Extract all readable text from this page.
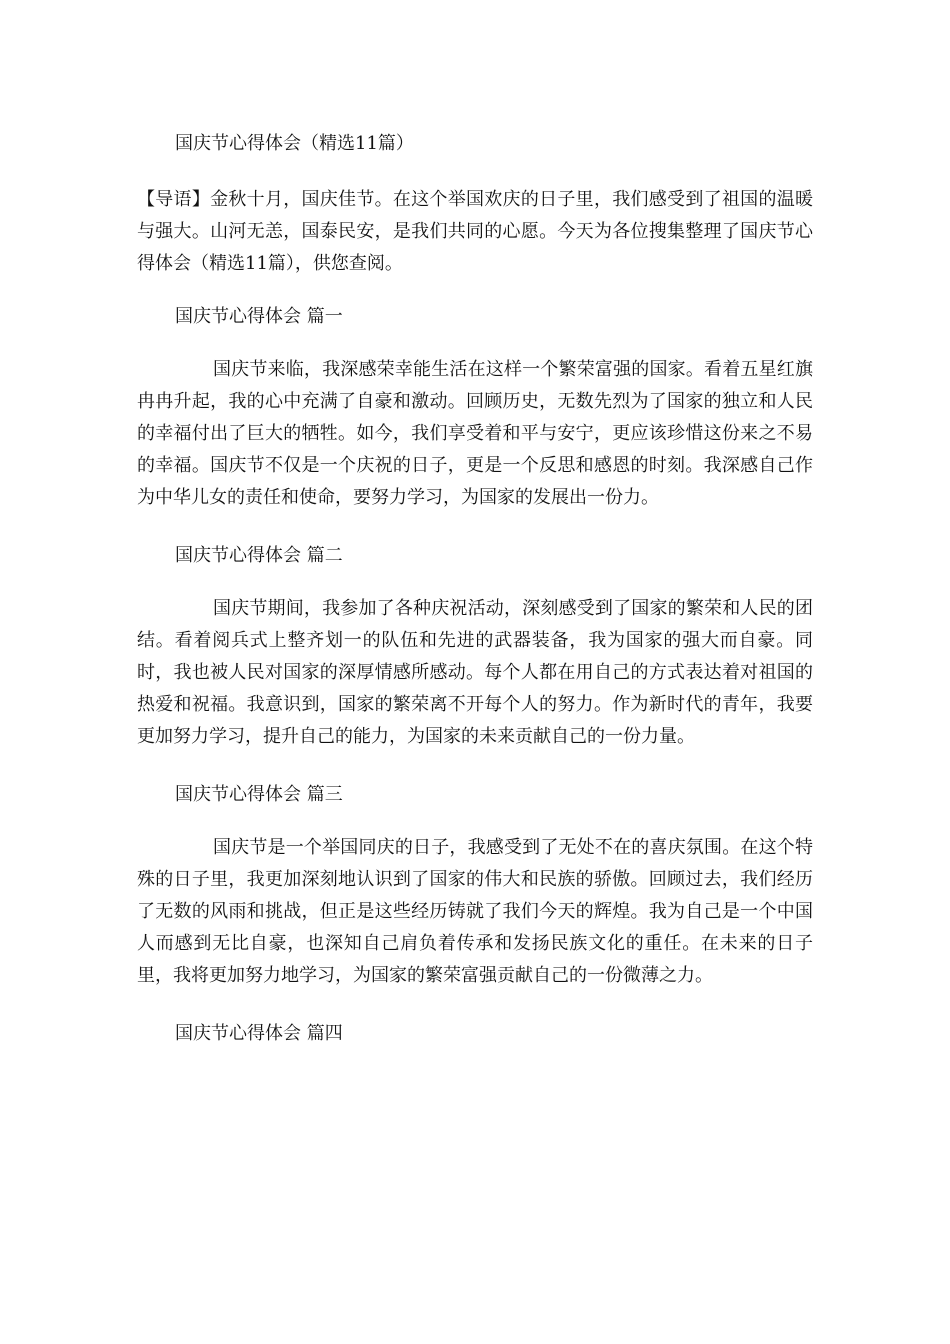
国庆节心得体会（精选11篇）

【导语】金秋十月，国庆佳节。在这个举国欢庆的日子里，我们感受到了祖国的温暖与强大。山河无恙，国泰民安，是我们共同的心愿。今天为各位搜集整理了国庆节心得体会（精选11篇），供您查阅。

国庆节心得体会 篇一

国庆节来临，我深感荣幸能生活在这样一个繁荣富强的国家。看着五星红旗冉冉升起，我的心中充满了自豪和激动。回顾历史，无数先烈为了国家的独立和人民的幸福付出了巨大的牺牲。如今，我们享受着和平与安宁，更应该珍惜这份来之不易的幸福。国庆节不仅是一个庆祝的日子，更是一个反思和感恩的时刻。我深感自己作为中华儿女的责任和使命，要努力学习，为国家的发展出一份力。

国庆节心得体会 篇二

国庆节期间，我参加了各种庆祝活动，深刻感受到了国家的繁荣和人民的团结。看着阅兵式上整齐划一的队伍和先进的武器装备，我为国家的强大而自豪。同时，我也被人民对国家的深厚情感所感动。每个人都在用自己的方式表达着对祖国的热爱和祝福。我意识到，国家的繁荣离不开每个人的努力。作为新时代的青年，我要更加努力学习，提升自己的能力，为国家的未来贡献自己的一份力量。

国庆节心得体会 篇三

国庆节是一个举国同庆的日子，我感受到了无处不在的喜庆氛围。在这个特殊的日子里，我更加深刻地认识到了国家的伟大和民族的骄傲。回顾过去，我们经历了无数的风雨和挑战，但正是这些经历铸就了我们今天的辉煌。我为自己是一个中国人而感到无比自豪，也深知自己肩负着传承和发扬民族文化的重任。在未来的日子里，我将更加努力地学习，为国家的繁荣富强贡献自己的一份微薄之力。

国庆节心得体会 篇四
